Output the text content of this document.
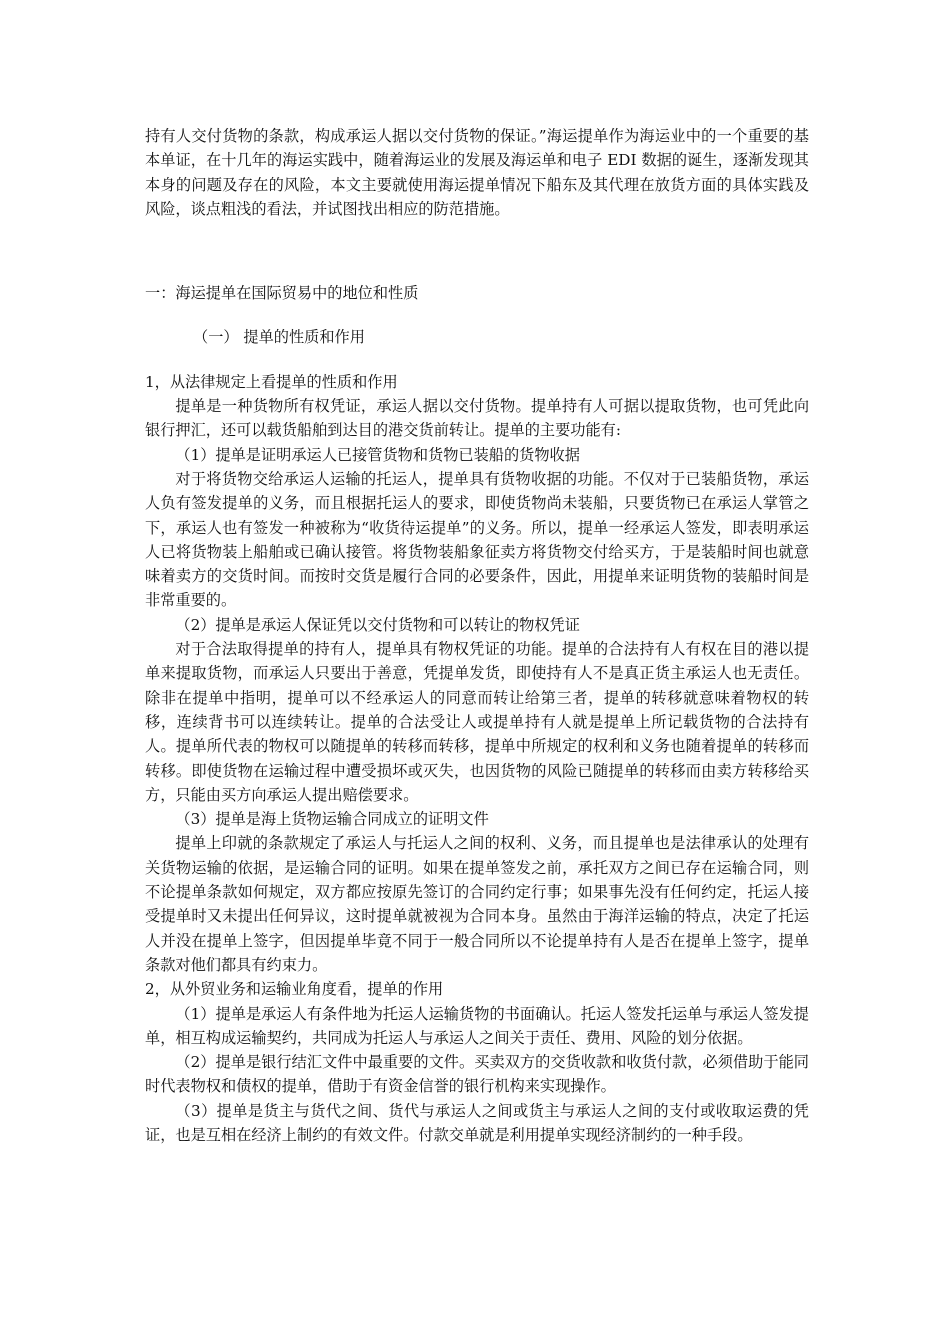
持有人交付货物的条款，构成承运人据以交付货物的保证。”海运提单作为海运业中的一个重要的基本单证，在十几年的海运实践中，随着海运业的发展及海运单和电子 EDI 数据的诞生，逐渐发现其本身的问题及存在的风险，本文主要就使用海运提单情况下船东及其代理在放货方面的具体实践及风险，谈点粗浅的看法，并试图找出相应的防范措施。

一：海运提单在国际贸易中的地位和性质

（一） 提单的性质和作用

1，从法律规定上看提单的性质和作用

提单是一种货物所有权凭证，承运人据以交付货物。提单持有人可据以提取货物，也可凭此向银行押汇，还可以载货船舶到达目的港交货前转让。提单的主要功能有:

（1）提单是证明承运人已接管货物和货物已装船的货物收据

对于将货物交给承运人运输的托运人，提单具有货物收据的功能。不仅对于已装船货物，承运人负有签发提单的义务，而且根据托运人的要求，即使货物尚未装船，只要货物已在承运人掌管之下，承运人也有签发一种被称为“收货待运提单”的义务。所以，提单一经承运人签发，即表明承运人已将货物装上船舶或已确认接管。将货物装船象征卖方将货物交付给买方，于是装船时间也就意味着卖方的交货时间。而按时交货是履行合同的必要条件，因此，用提单来证明货物的装船时间是非常重要的。

（2）提单是承运人保证凭以交付货物和可以转让的物权凭证

对于合法取得提单的持有人，提单具有物权凭证的功能。提单的合法持有人有权在目的港以提单来提取货物，而承运人只要出于善意，凭提单发货，即使持有人不是真正货主承运人也无责任。除非在提单中指明，提单可以不经承运人的同意而转让给第三者，提单的转移就意味着物权的转移，连续背书可以连续转让。提单的合法受让人或提单持有人就是提单上所记载货物的合法持有人。提单所代表的物权可以随提单的转移而转移，提单中所规定的权利和义务也随着提单的转移而转移。即使货物在运输过程中遭受损坏或灭失，也因货物的风险已随提单的转移而由卖方转移给买方，只能由买方向承运人提出赔偿要求。

（3）提单是海上货物运输合同成立的证明文件

提单上印就的条款规定了承运人与托运人之间的权利、义务，而且提单也是法律承认的处理有关货物运输的依据，是运输合同的证明。如果在提单签发之前，承托双方之间已存在运输合同，则不论提单条款如何规定，双方都应按原先签订的合同约定行事；如果事先没有任何约定，托运人接受提单时又未提出任何异议，这时提单就被视为合同本身。虽然由于海洋运输的特点，决定了托运人并没在提单上签字，但因提单毕竟不同于一般合同所以不论提单持有人是否在提单上签字，提单条款对他们都具有约束力。

2，从外贸业务和运输业角度看，提单的作用

（1）提单是承运人有条件地为托运人运输货物的书面确认。托运人签发托运单与承运人签发提单，相互构成运输契约，共同成为托运人与承运人之间关于责任、费用、风险的划分依据。

（2）提单是银行结汇文件中最重要的文件。买卖双方的交货收款和收货付款，必须借助于能同时代表物权和债权的提单，借助于有资金信誉的银行机构来实现操作。

（3）提单是货主与货代之间、货代与承运人之间或货主与承运人之间的支付或收取运费的凭证，也是互相在经济上制约的有效文件。付款交单就是利用提单实现经济制约的一种手段。
